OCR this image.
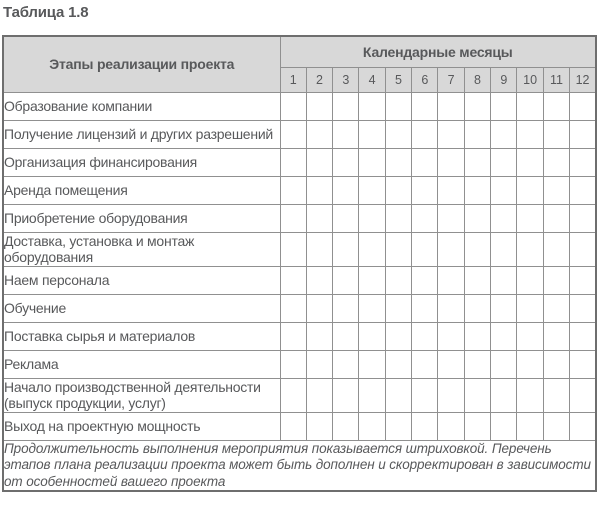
Таблица 1.8
Этапы реализации проекта	Календарные месяцы											
	1	2	3	4	5	6	7	8	9	10	11	12
Образование компании												
Получение лицензий и других разрешений												
Организация финансирования												
Аренда помещения												
Приобретение оборудования												
Доставка, установка и монтаж оборудования												
Наем персонала												
Обучение												
Поставка сырья и материалов												
Реклама												
Начало производственной деятельности (выпуск продукции, услуг)												
Выход на проектную мощность												
Продолжительность выполнения мероприятия показывается штриховкой. Перечень этапов плана реализации проекта может быть дополнен и скорректирован в зависимости от особенностей вашего проекта												
